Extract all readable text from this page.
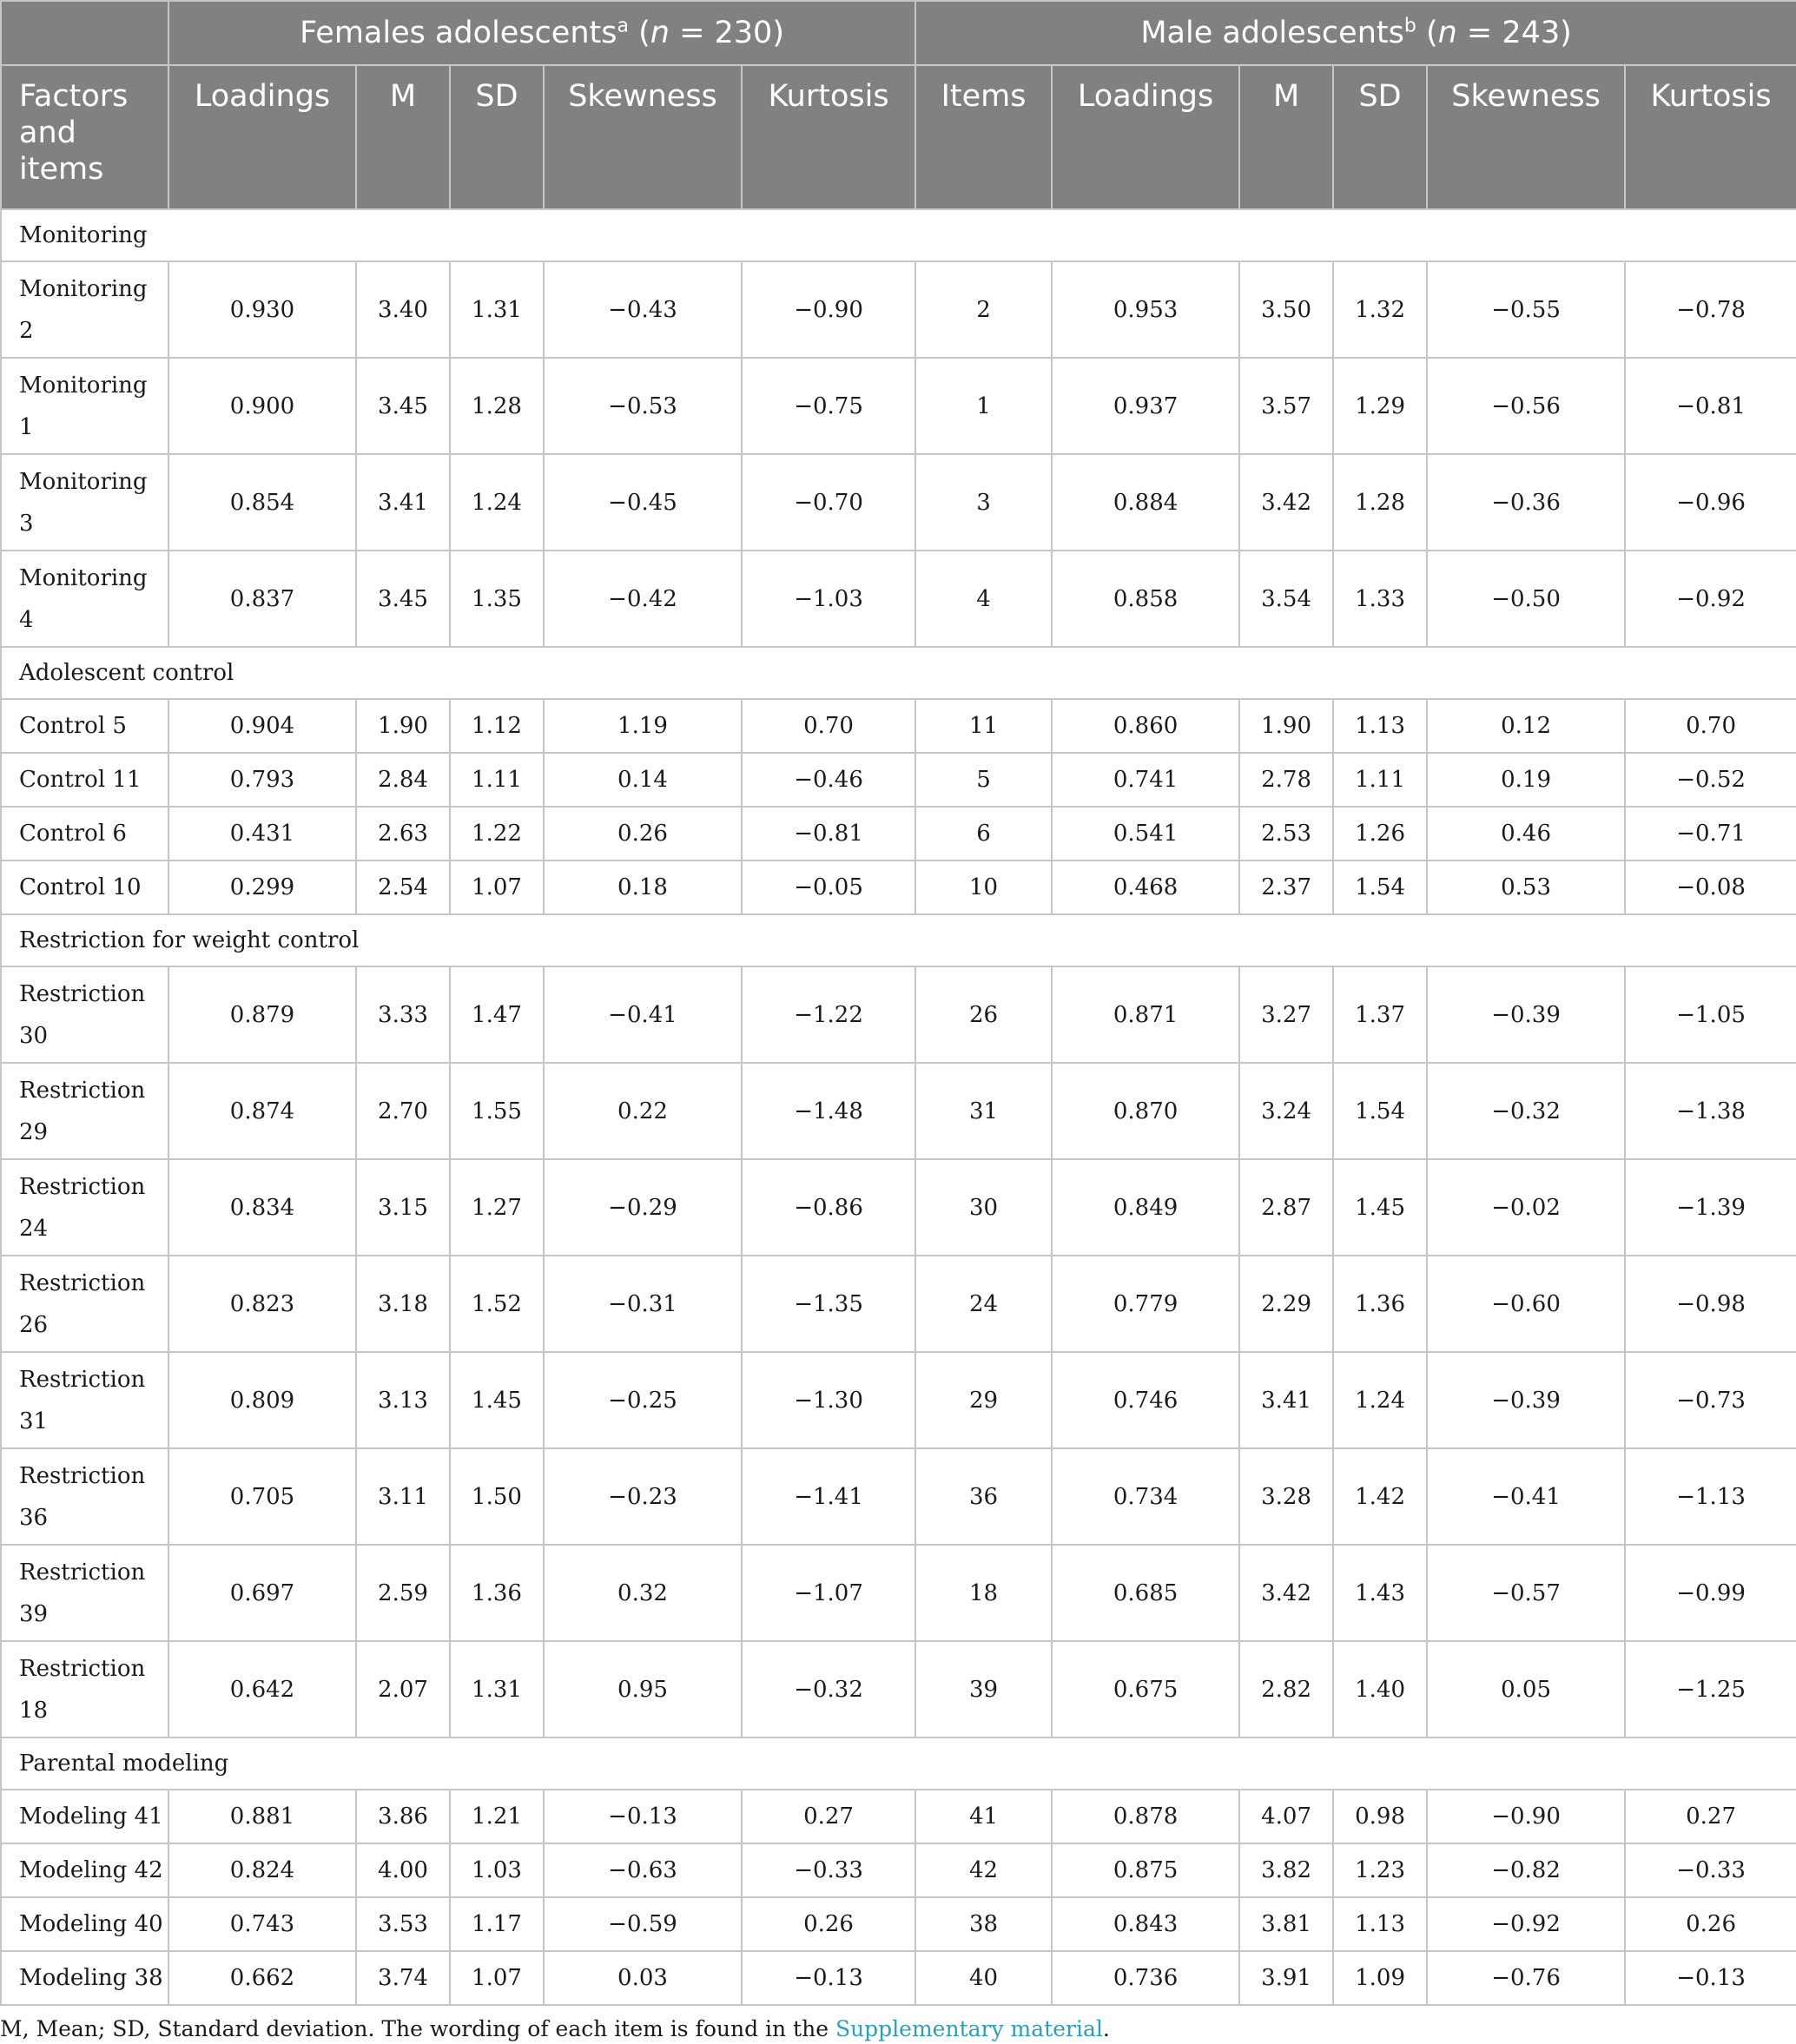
	Females adolescents$^a$ (n = 230)					Male adolescents$^b$ (n = 243)					
Factors and items	Loadings	M	SD	Skewness	Kurtosis	Items	Loadings	M	SD	Skewness	Kurtosis
Monitoring											
Monitoring 2	0.930	3.40	1.31	−0.43	−0.90	2	0.953	3.50	1.32	−0.55	−0.78
Monitoring 1	0.900	3.45	1.28	−0.53	−0.75	1	0.937	3.57	1.29	−0.56	−0.81
Monitoring 3	0.854	3.41	1.24	−0.45	−0.70	3	0.884	3.42	1.28	−0.36	−0.96
Monitoring 4	0.837	3.45	1.35	−0.42	−1.03	4	0.858	3.54	1.33	−0.50	−0.92
Adolescent control											
Control 5	0.904	1.90	1.12	1.19	0.70	11	0.860	1.90	1.13	0.12	0.70
Control 11	0.793	2.84	1.11	0.14	−0.46	5	0.741	2.78	1.11	0.19	−0.52
Control 6	0.431	2.63	1.22	0.26	−0.81	6	0.541	2.53	1.26	0.46	−0.71
Control 10	0.299	2.54	1.07	0.18	−0.05	10	0.468	2.37	1.54	0.53	−0.08
Restriction for weight control											
Restriction 30	0.879	3.33	1.47	−0.41	−1.22	26	0.871	3.27	1.37	−0.39	−1.05
Restriction 29	0.874	2.70	1.55	0.22	−1.48	31	0.870	3.24	1.54	−0.32	−1.38
Restriction 24	0.834	3.15	1.27	−0.29	−0.86	30	0.849	2.87	1.45	−0.02	−1.39
Restriction 26	0.823	3.18	1.52	−0.31	−1.35	24	0.779	2.29	1.36	−0.60	−0.98
Restriction 31	0.809	3.13	1.45	−0.25	−1.30	29	0.746	3.41	1.24	−0.39	−0.73
Restriction 36	0.705	3.11	1.50	−0.23	−1.41	36	0.734	3.28	1.42	−0.41	−1.13
Restriction 39	0.697	2.59	1.36	0.32	−1.07	18	0.685	3.42	1.43	−0.57	−0.99
Restriction 18	0.642	2.07	1.31	0.95	−0.32	39	0.675	2.82	1.40	0.05	−1.25
Parental modeling											
Modeling 41	0.881	3.86	1.21	−0.13	0.27	41	0.878	4.07	0.98	−0.90	0.27
Modeling 42	0.824	4.00	1.03	−0.63	−0.33	42	0.875	3.82	1.23	−0.82	−0.33
Modeling 40	0.743	3.53	1.17	−0.59	0.26	38	0.843	3.81	1.13	−0.92	0.26
Modeling 38	0.662	3.74	1.07	0.03	−0.13	40	0.736	3.91	1.09	−0.76	−0.13
M, Mean; SD, Standard deviation. The wording of each item is found in the Supplementary material.
